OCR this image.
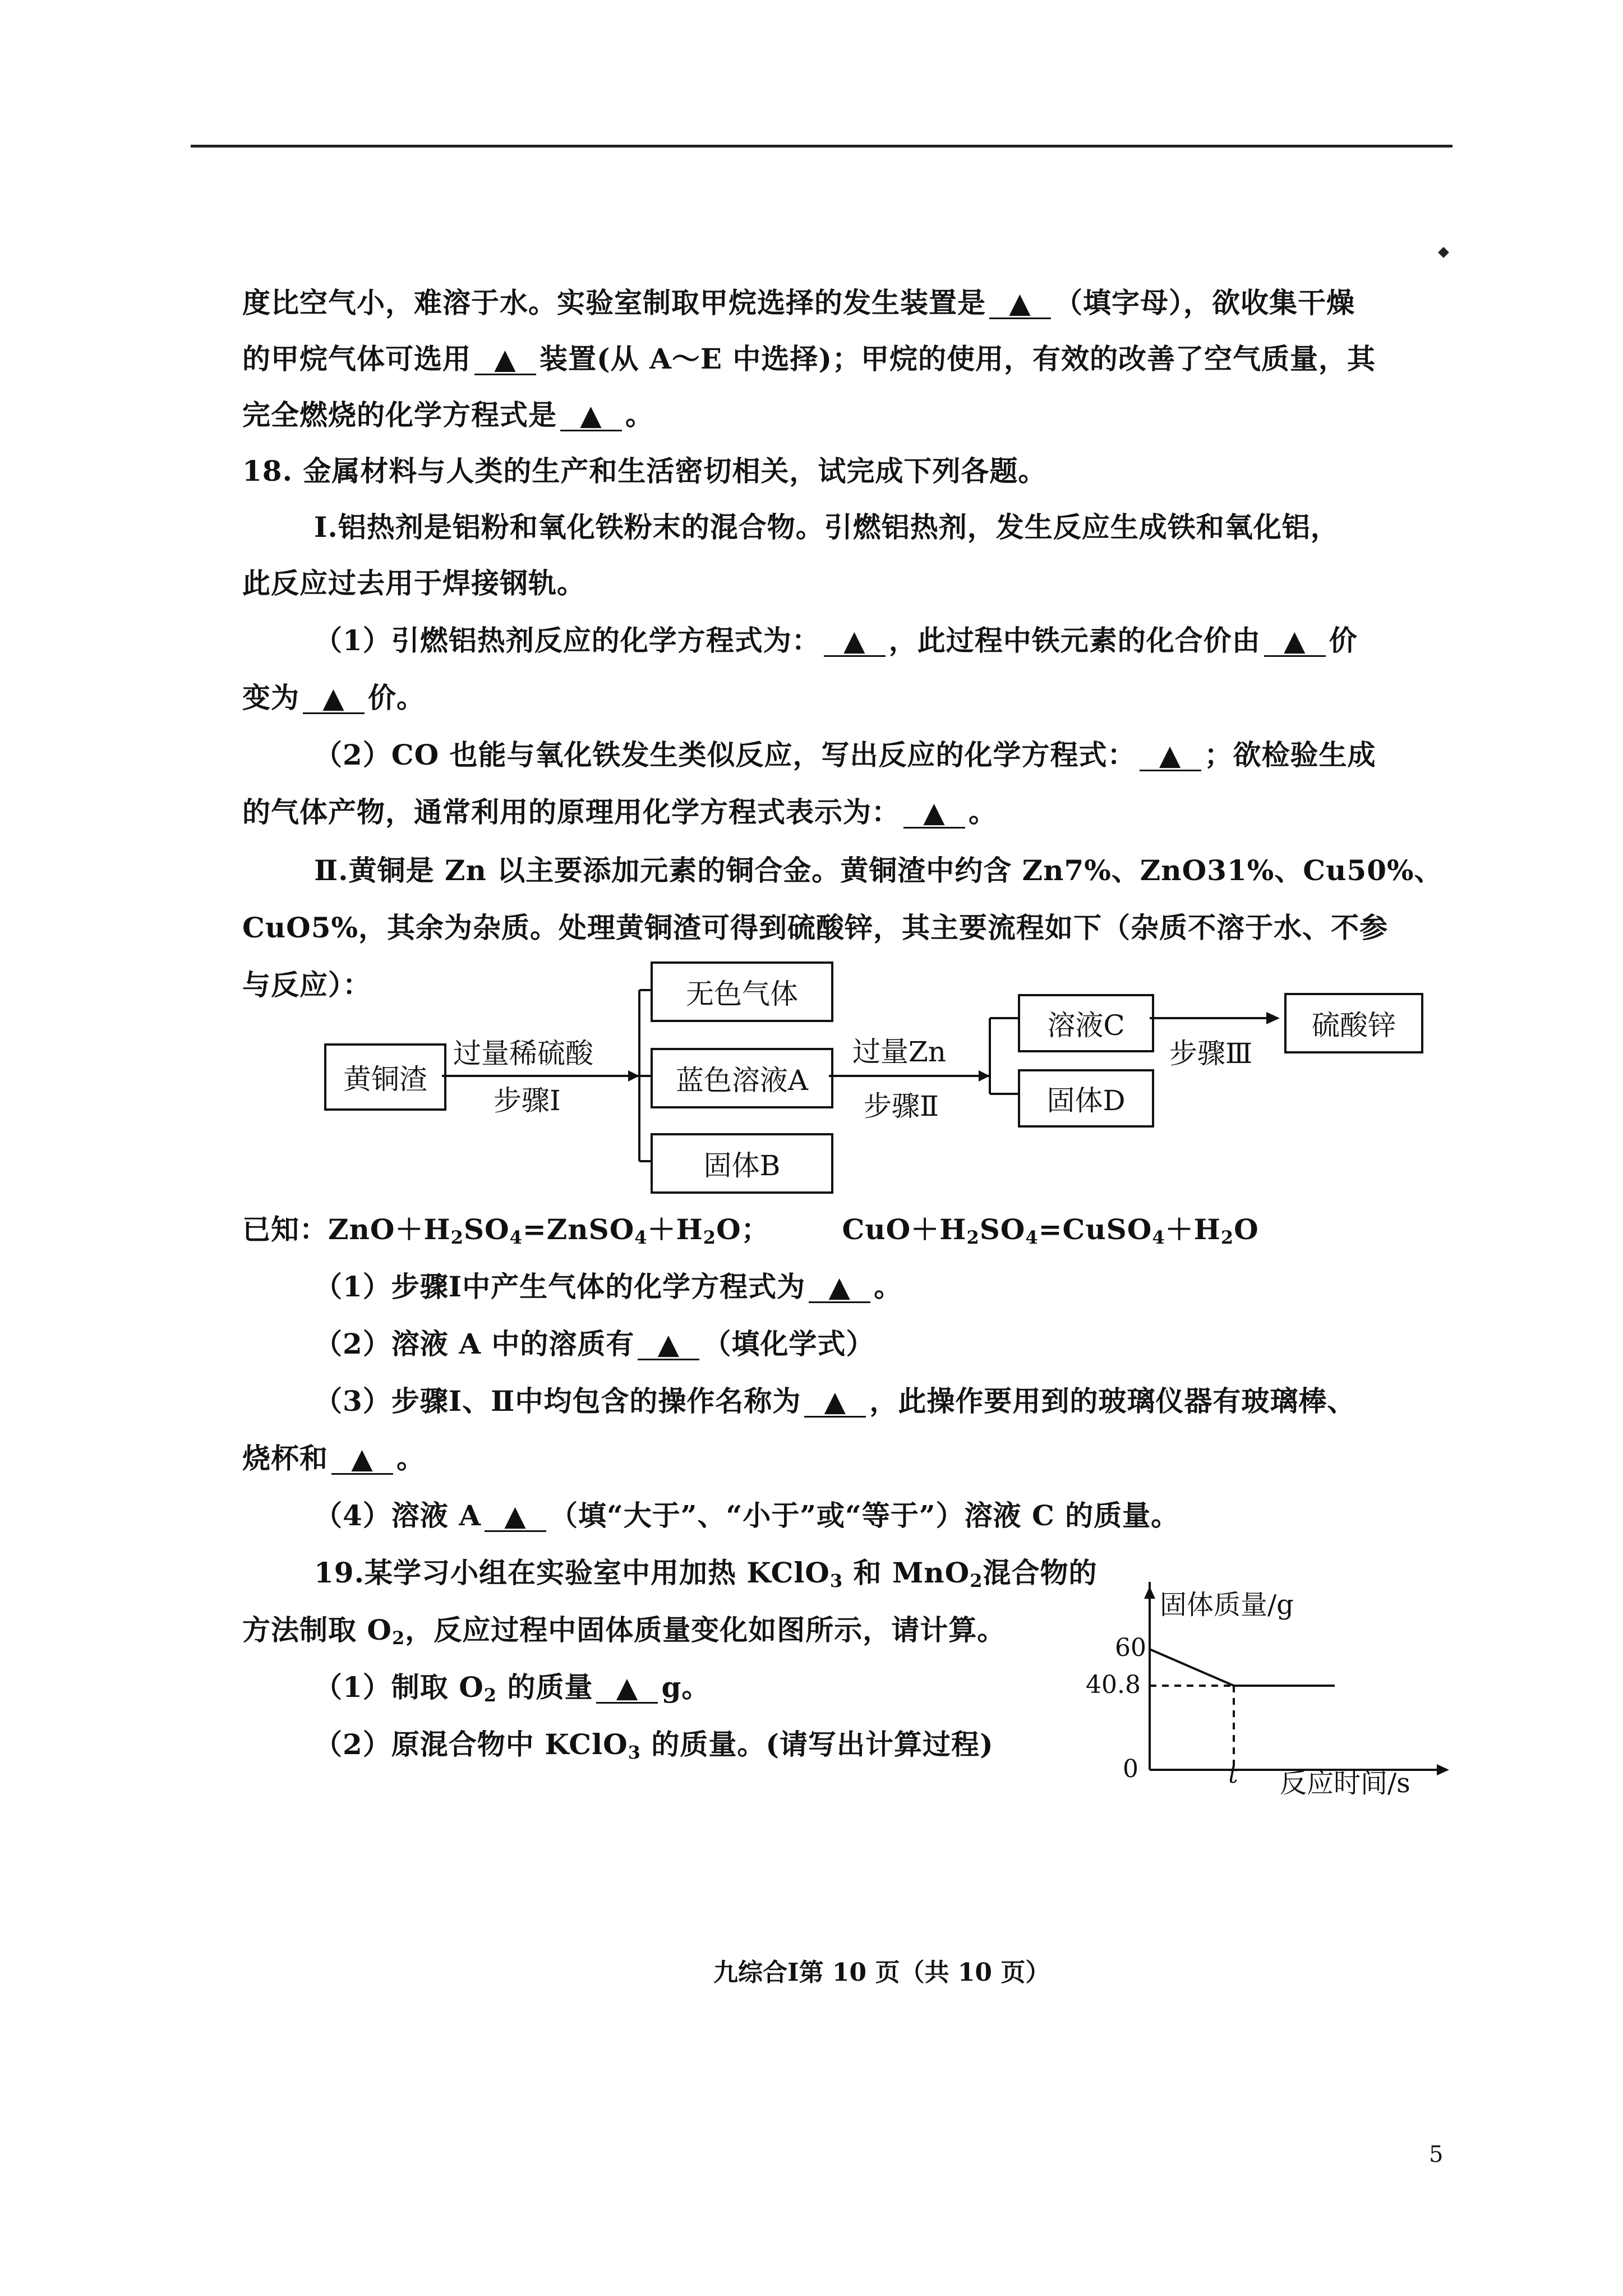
度比空气小，难溶于水。实验室制取甲烷选择的发生装置是 ▲ （填字母），欲收集干燥
的甲烷气体可选用 ▲ 装置(从 A～E 中选择)；甲烷的使用，有效的改善了空气质量，其
完全燃烧的化学方程式是 ▲ 。
18. 金属材料与人类的生产和生活密切相关，试完成下列各题。
Ⅰ.铝热剂是铝粉和氧化铁粉末的混合物。引燃铝热剂，发生反应生成铁和氧化铝，
此反应过去用于焊接钢轨。
（1）引燃铝热剂反应的化学方程式为： ▲ ，此过程中铁元素的化合价由 ▲ 价
变为 ▲ 价。
（2）CO 也能与氧化铁发生类似反应，写出反应的化学方程式： ▲ ；欲检验生成
的气体产物，通常利用的原理用化学方程式表示为： ▲ 。
Ⅱ.黄铜是 Zn 以主要添加元素的铜合金。黄铜渣中约含 Zn7%、ZnO31%、Cu50%、
CuO5%，其余为杂质。处理黄铜渣可得到硫酸锌，其主要流程如下（杂质不溶于水、不参
与反应）：
黄铜渣
过量稀硫酸
步骤Ⅰ
无色气体
蓝色溶液A
固体B
过量Zn
步骤Ⅱ
溶液C
固体D
步骤Ⅲ
硫酸锌
已知：$ZnO+H_2SO_4=ZnSO_4+H_2O$；	$CuO+H_2SO_4=CuSO_4+H_2O$
（1）步骤Ⅰ中产生气体的化学方程式为 ▲ 。
（2）溶液 A 中的溶质有 ▲ （填化学式）
（3）步骤Ⅰ、Ⅱ中均包含的操作名称为 ▲ ，此操作要用到的玻璃仪器有玻璃棒、
烧杯和 ▲ 。
（4）溶液 A ▲ （填“大于”、“小于”或“等于”）溶液 C 的质量。
19.某学习小组在实验室中用加热 KClO$_3$ 和 MnO$_2$混合物的
方法制取 $O_2$，反应过程中固体质量变化如图所示，请计算。
（1）制取 $O_2$ 的质量 ▲ g。
（2）原混合物中 KClO$_3$ 的质量。(请写出计算过程)
固体质量/g
60
40.8
0	t 反应时间/s
九综合Ⅰ第 10 页（共 10 页）
5
